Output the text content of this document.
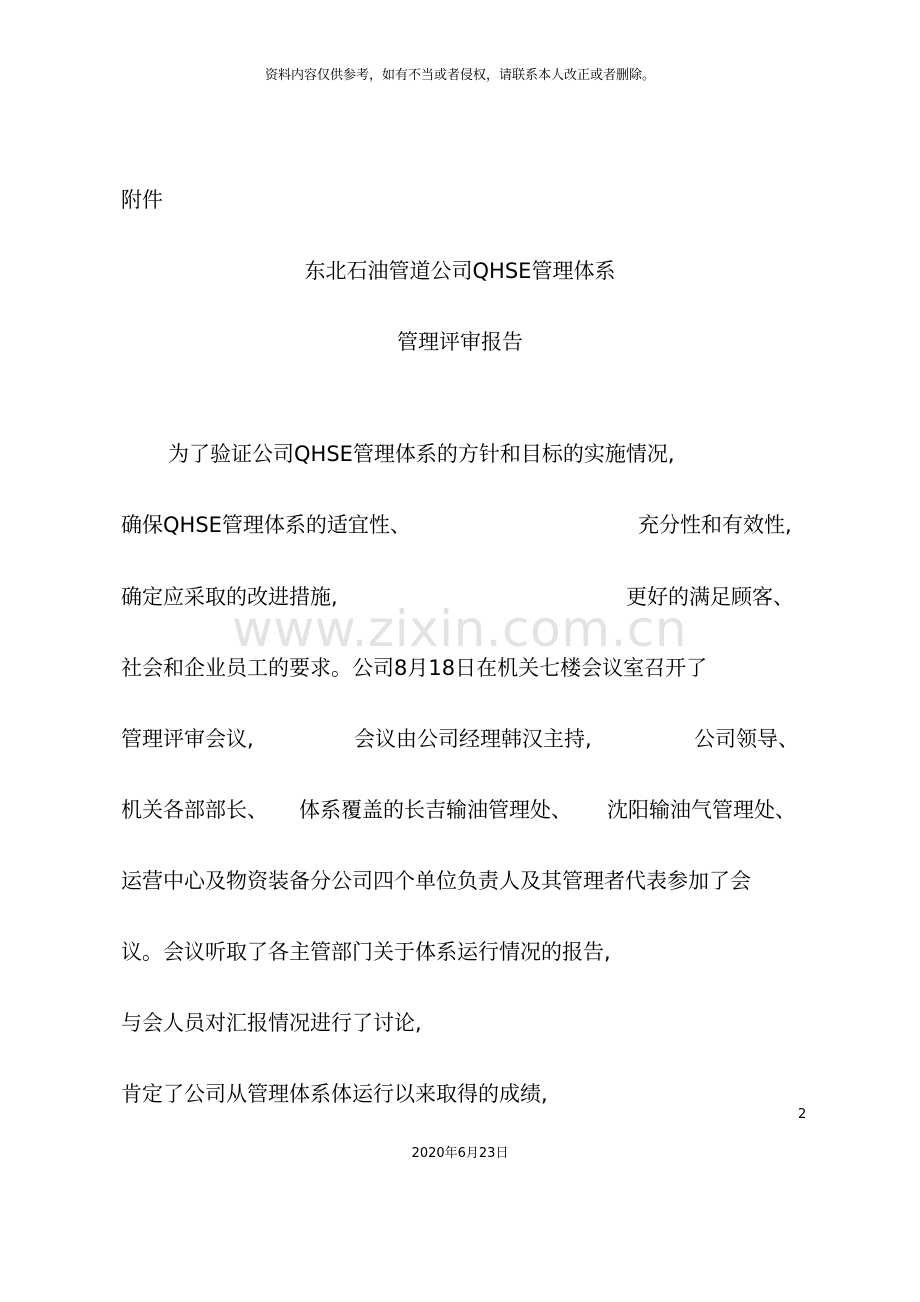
资料内容仅供参考，如有不当或者侵权，请联系本人改正或者删除。
附件
东北石油管道公司QHSE管理体系
管理评审报告
www.zixin.com.cn
为了验证公司QHSE管理体系的方针和目标的实施情况,
确保QHSE管理体系的适宜性、	充分性和有效性,
确定应采取的改进措施,	更好的满足顾客、
社会和企业员工的要求。公司8月18日在机关七楼会议室召开了
管理评审会议,	会议由公司经理韩汉主持,	公司领导、
机关各部部长、 体系覆盖的长吉输油管理处、 沈阳输油气管理处、
运营中心及物资装备分公司四个单位负责人及其管理者代表参加了会
议。会议听取了各主管部门关于体系运行情况的报告,
与会人员对汇报情况进行了讨论,
肯定了公司从管理体系体运行以来取得的成绩,
2
2020年6月23日
